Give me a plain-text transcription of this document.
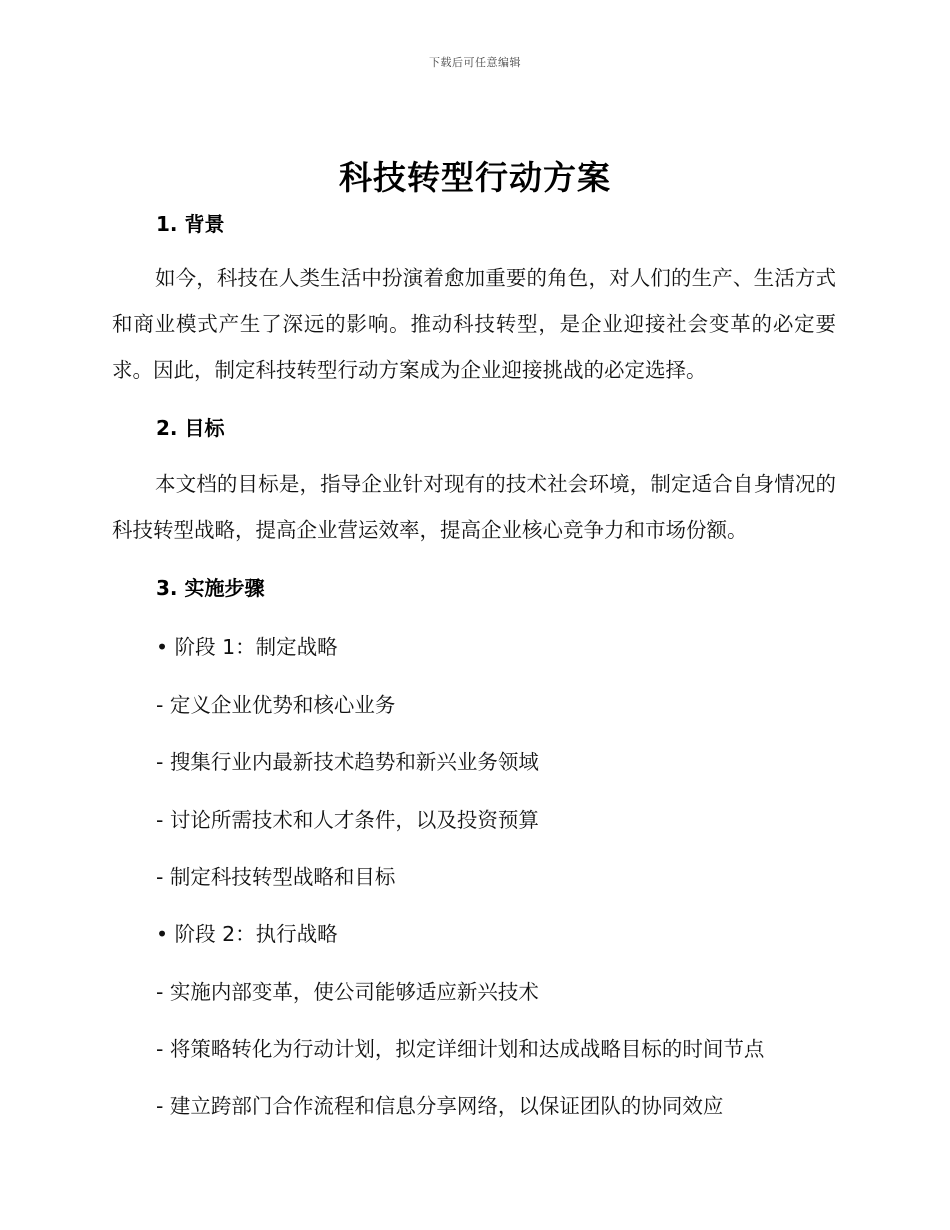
下载后可任意编辑
科技转型行动方案
1. 背景
如今，科技在人类生活中扮演着愈加重要的角色，对人们的生产、生活方式和商业模式产生了深远的影响。推动科技转型，是企业迎接社会变革的必定要求。因此，制定科技转型行动方案成为企业迎接挑战的必定选择。
2. 目标
本文档的目标是，指导企业针对现有的技术社会环境，制定适合自身情况的科技转型战略，提高企业营运效率，提高企业核心竞争力和市场份额。
3. 实施步骤
• 阶段 1：制定战略
- 定义企业优势和核心业务
- 搜集行业内最新技术趋势和新兴业务领域
- 讨论所需技术和人才条件，以及投资预算
- 制定科技转型战略和目标
• 阶段 2：执行战略
- 实施内部变革，使公司能够适应新兴技术
- 将策略转化为行动计划，拟定详细计划和达成战略目标的时间节点
- 建立跨部门合作流程和信息分享网络，以保证团队的协同效应
